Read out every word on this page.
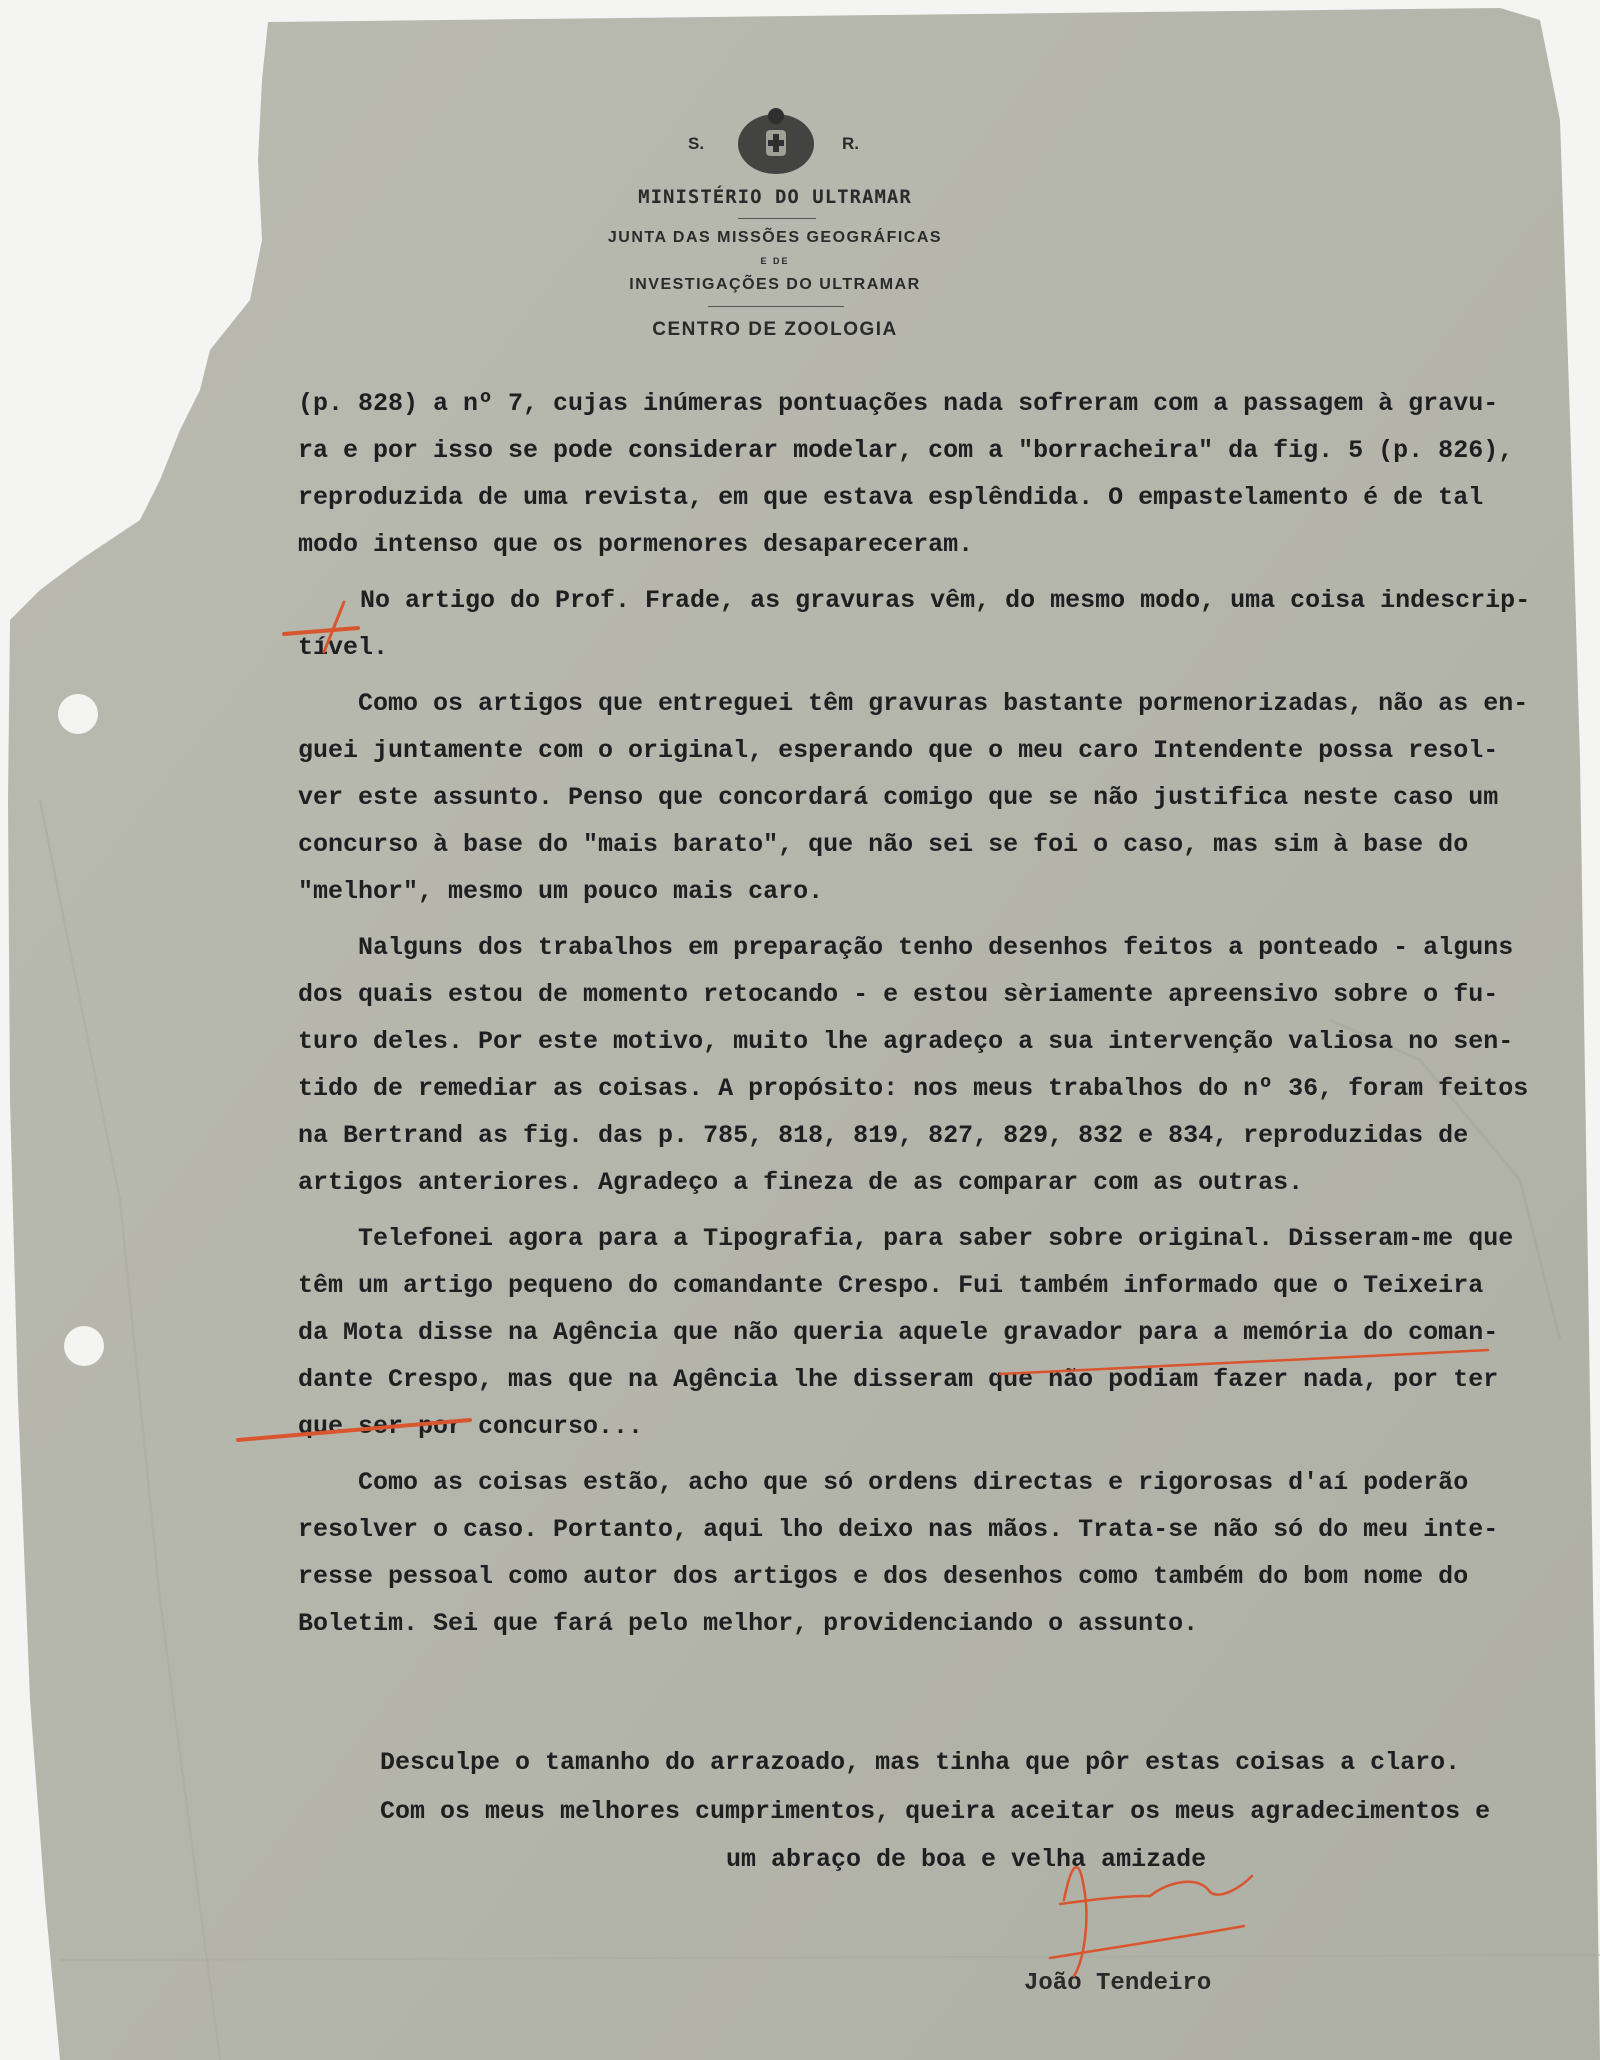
S.	R.
MINISTÉRIO DO ULTRAMAR
JUNTA DAS MISSÕES GEOGRÁFICAS
E DE
INVESTIGAÇÕES DO ULTRAMAR
CENTRO DE ZOOLOGIA
(p. 828) a nº 7, cujas inúmeras pontuações nada sofreram com a passagem à gravu-
ra e por isso se pode considerar modelar, com a "borracheira" da fig. 5 (p. 826),
reproduzida de uma revista, em que estava esplêndida. O empastelamento é de tal
modo intenso que os pormenores desapareceram.
No artigo do Prof. Frade, as gravuras vêm, do mesmo modo, uma coisa indescrip-
tível.
Como os artigos que entreguei têm gravuras bastante pormenorizadas, não as en-
guei juntamente com o original, esperando que o meu caro Intendente possa resol-
ver este assunto. Penso que concordará comigo que se não justifica neste caso um
concurso à base do "mais barato", que não sei se foi o caso, mas sim à base do
"melhor", mesmo um pouco mais caro.
Nalguns dos trabalhos em preparação tenho desenhos feitos a ponteado - alguns
dos quais estou de momento retocando - e estou sèriamente apreensivo sobre o fu-
turo deles. Por este motivo, muito lhe agradeço a sua intervenção valiosa no sen-
tido de remediar as coisas. A propósito: nos meus trabalhos do nº 36, foram feitos
na Bertrand as fig. das p. 785, 818, 819, 827, 829, 832 e 834, reproduzidas de
artigos anteriores. Agradeço a fineza de as comparar com as outras.
Telefonei agora para a Tipografia, para saber sobre original. Disseram-me que
têm um artigo pequeno do comandante Crespo. Fui também informado que o Teixeira
da Mota disse na Agência que não queria aquele gravador para a memória do coman-
dante Crespo, mas que na Agência lhe disseram que não podiam fazer nada, por ter
que ser por concurso...
Como as coisas estão, acho que só ordens directas e rigorosas d'aí poderão
resolver o caso. Portanto, aqui lho deixo nas mãos. Trata-se não só do meu inte-
resse pessoal como autor dos artigos e dos desenhos como também do bom nome do
Boletim. Sei que fará pelo melhor, providenciando o assunto.
Desculpe o tamanho do arrazoado, mas tinha que pôr estas coisas a claro.
Com os meus melhores cumprimentos, queira aceitar os meus agradecimentos e
um abraço de boa e velha amizade
João Tendeiro
